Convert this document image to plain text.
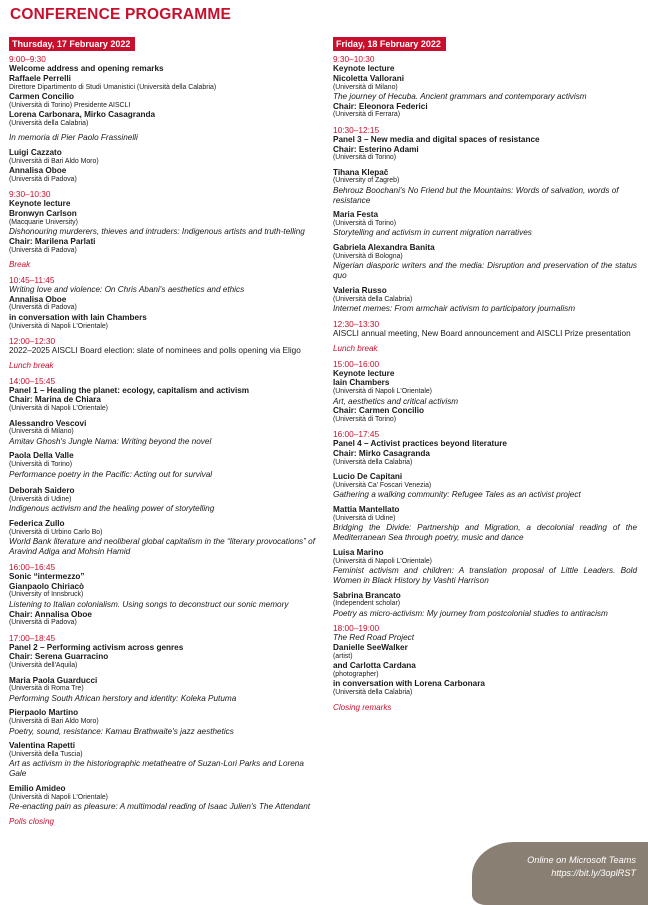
CONFERENCE PROGRAMME
Thursday, 17 February 2022
9:00–9:30
Welcome address and opening remarks
Raffaele Perrelli
Direttore Dipartimento di Studi Umanistici (Università della Calabria)
Carmen Concilio
(Università di Torino) Presidente AISCLI
Lorena Carbonara, Mirko Casagranda
(Università della Calabria)
In memoria di Pier Paolo Frassinelli
Luigi Cazzato
(Università di Bari Aldo Moro)
Annalisa Oboe
(Università di Padova)
9:30–10:30
Keynote lecture
Bronwyn Carlson
(Macquarie University)
Dishonouring murderers, thieves and intruders: Indigenous artists and truth-telling
Chair: Marilena Parlati
(Università di Padova)
Break
10:45–11:45
Writing love and violence: On Chris Abani's aesthetics and ethics
Annalisa Oboe
(Università di Padova)
in conversation with Iain Chambers
(Università di Napoli L'Orientale)
12:00–12:30
2022–2025 AISCLI Board election: slate of nominees and polls opening via Eligo
Lunch break
14:00–15:45
Panel 1 – Healing the planet: ecology, capitalism and activism
Chair: Marina de Chiara
(Università di Napoli L'Orientale)
Alessandro Vescovi
(Università di Milano)
Amitav Ghosh's Jungle Nama: Writing beyond the novel
Paola Della Valle
(Università di Torino)
Performance poetry in the Pacific: Acting out for survival
Deborah Saidero
(Università di Udine)
Indigenous activism and the healing power of storytelling
Federica Zullo
(Università di Urbino Carlo Bo)
World Bank literature and neoliberal global capitalism in the “literary provocations” of Aravind Adiga and Mohsin Hamid
16:00–16:45
Sonic “intermezzo”
Gianpaolo Chiriacò
(University of Innsbruck)
Listening to Italian colonialism. Using songs to deconstruct our sonic memory
Chair: Annalisa Oboe
(Università di Padova)
17:00–18:45
Panel 2 – Performing activism across genres
Chair: Serena Guarracino
(Università dell'Aquila)
Maria Paola Guarducci
(Università di Roma Tre)
Performing South African herstory and identity: Koleka Putuma
Pierpaolo Martino
(Università di Bari Aldo Moro)
Poetry, sound, resistance: Kamau Brathwaite's jazz aesthetics
Valentina Rapetti
(Università della Tuscia)
Art as activism in the historiographic metatheatre of Suzan-Lori Parks and Lorena Gale
Emilio Amideo
(Università di Napoli L'Orientale)
Re-enacting pain as pleasure: A multimodal reading of Isaac Julien's The Attendant
Polls closing
Friday, 18 February 2022
9:30–10:30
Keynote lecture
Nicoletta Vallorani
(Università di Milano)
The journey of Hecuba. Ancient grammars and contemporary activism
Chair: Eleonora Federici
(Università di Ferrara)
10:30–12:15
Panel 3 – New media and digital spaces of resistance
Chair: Esterino Adami
(Università di Torino)
Tihana Klepač
(University of Zagreb)
Behrouz Boochani's No Friend but the Mountains: Words of salvation, words of resistance
Maria Festa
(Università di Torino)
Storytelling and activism in current migration narratives
Gabriela Alexandra Banita
(Università di Bologna)
Nigerian diasporic writers and the media: Disruption and preservation of the status quo
Valeria Russo
(Università della Calabria)
Internet memes: From armchair activism to participatory journalism
12:30–13:30
AISCLI annual meeting, New Board announcement and AISCLI Prize presentation
Lunch break
15:00–16:00
Keynote lecture
Iain Chambers
(Università di Napoli L'Orientale)
Art, aesthetics and critical activism
Chair: Carmen Concilio
(Università di Torino)
16:00–17:45
Panel 4 – Activist practices beyond literature
Chair: Mirko Casagranda
(Università della Calabria)
Lucio De Capitani
(Università Ca' Foscari Venezia)
Gathering a walking community: Refugee Tales as an activist project
Mattia Mantellato
(Università di Udine)
Bridging the Divide: Partnership and Migration, a decolonial reading of the Mediterranean Sea through poetry, music and dance
Luisa Marino
(Università di Napoli L'Orientale)
Feminist activism and children: A translation proposal of Little Leaders. Bold Women in Black History by Vashti Harrison
Sabrina Brancato
(Independent scholar)
Poetry as micro-activism: My journey from postcolonial studies to antiracism
18:00–19:00
The Red Road Project
Danielle SeeWalker
(artist)
and Carlotta Cardana
(photographer)
in conversation with Lorena Carbonara
(Università della Calabria)
Closing remarks
Online on Microsoft Teams
https://bit.ly/3oplRST
